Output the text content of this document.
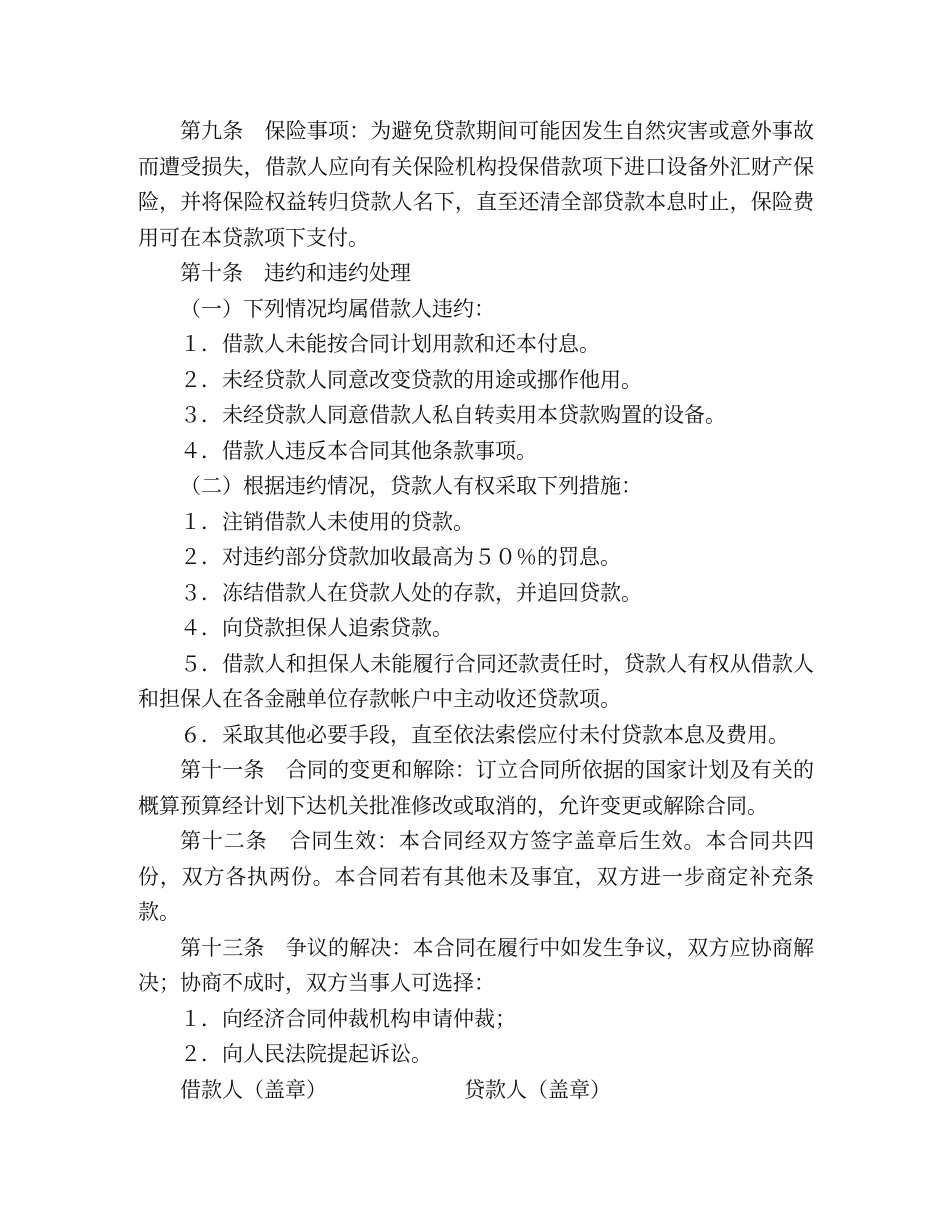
第九条　保险事项：为避免贷款期间可能因发生自然灾害或意外事故而遭受损失，借款人应向有关保险机构投保借款项下进口设备外汇财产保险，并将保险权益转归贷款人名下，直至还清全部贷款本息时止，保险费用可在本贷款项下支付。

第十条　违约和违约处理

（一）下列情况均属借款人违约：

１．借款人未能按合同计划用款和还本付息。

２．未经贷款人同意改变贷款的用途或挪作他用。

３．未经贷款人同意借款人私自转卖用本贷款购置的设备。

４．借款人违反本合同其他条款事项。

（二）根据违约情况，贷款人有权采取下列措施：

１．注销借款人未使用的贷款。

２．对违约部分贷款加收最高为５０％的罚息。

３．冻结借款人在贷款人处的存款，并追回贷款。

４．向贷款担保人追索贷款。

５．借款人和担保人未能履行合同还款责任时，贷款人有权从借款人和担保人在各金融单位存款帐户中主动收还贷款项。

６．采取其他必要手段，直至依法索偿应付未付贷款本息及费用。

第十一条　合同的变更和解除：订立合同所依据的国家计划及有关的概算预算经计划下达机关批准修改或取消的，允许变更或解除合同。

第十二条　合同生效：本合同经双方签字盖章后生效。本合同共四份，双方各执两份。本合同若有其他未及事宜，双方进一步商定补充条款。

第十三条　争议的解决：本合同在履行中如发生争议，双方应协商解决；协商不成时，双方当事人可选择：

１．向经济合同仲裁机构申请仲裁；

２．向人民法院提起诉讼。

借款人（盖章）	贷款人（盖章）
